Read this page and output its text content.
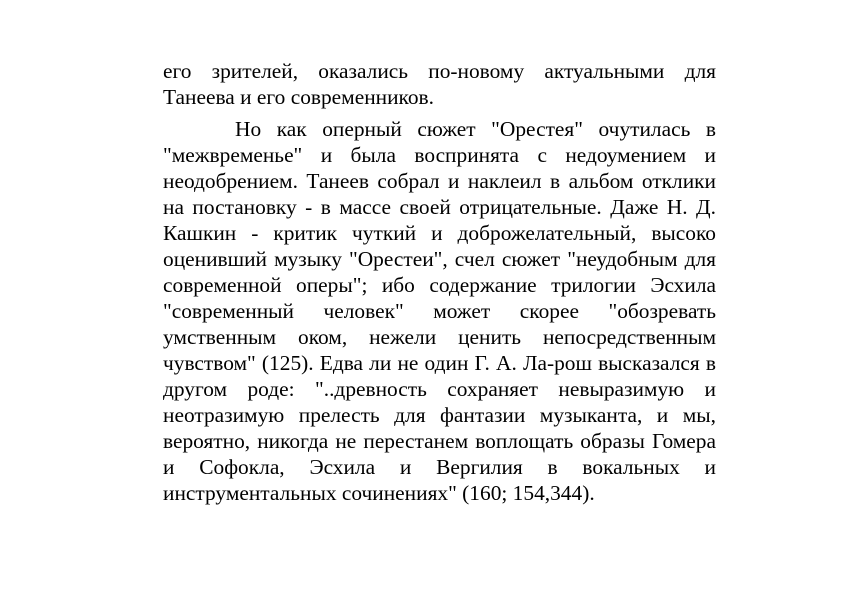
его зрителей, оказались по-новому актуальными для Танеева и его современников.

Но как оперный сюжет "Орестея" очутилась в "межвременье" и была воспринята с недоумением и неодобрением. Танеев собрал и наклеил в альбом отклики на постановку - в массе своей отрицательные. Даже Н. Д. Кашкин - критик чуткий и доброжелательный, высоко оценивший музыку "Орестеи", счел сюжет "неудобным для современной оперы"; ибо содержание трилогии Эсхила "современный человек" может скорее "обозревать умственным оком, нежели ценить непосредственным чувством" (125). Едва ли не один Г. А. Ла-рош высказался в другом роде: "..древность сохраняет невыразимую и неотразимую прелесть для фантазии музыканта, и мы, вероятно, никогда не перестанем воплощать образы Гомера и Софокла, Эсхила и Вергилия в вокальных и инструментальных сочинениях" (160; 154,344).
